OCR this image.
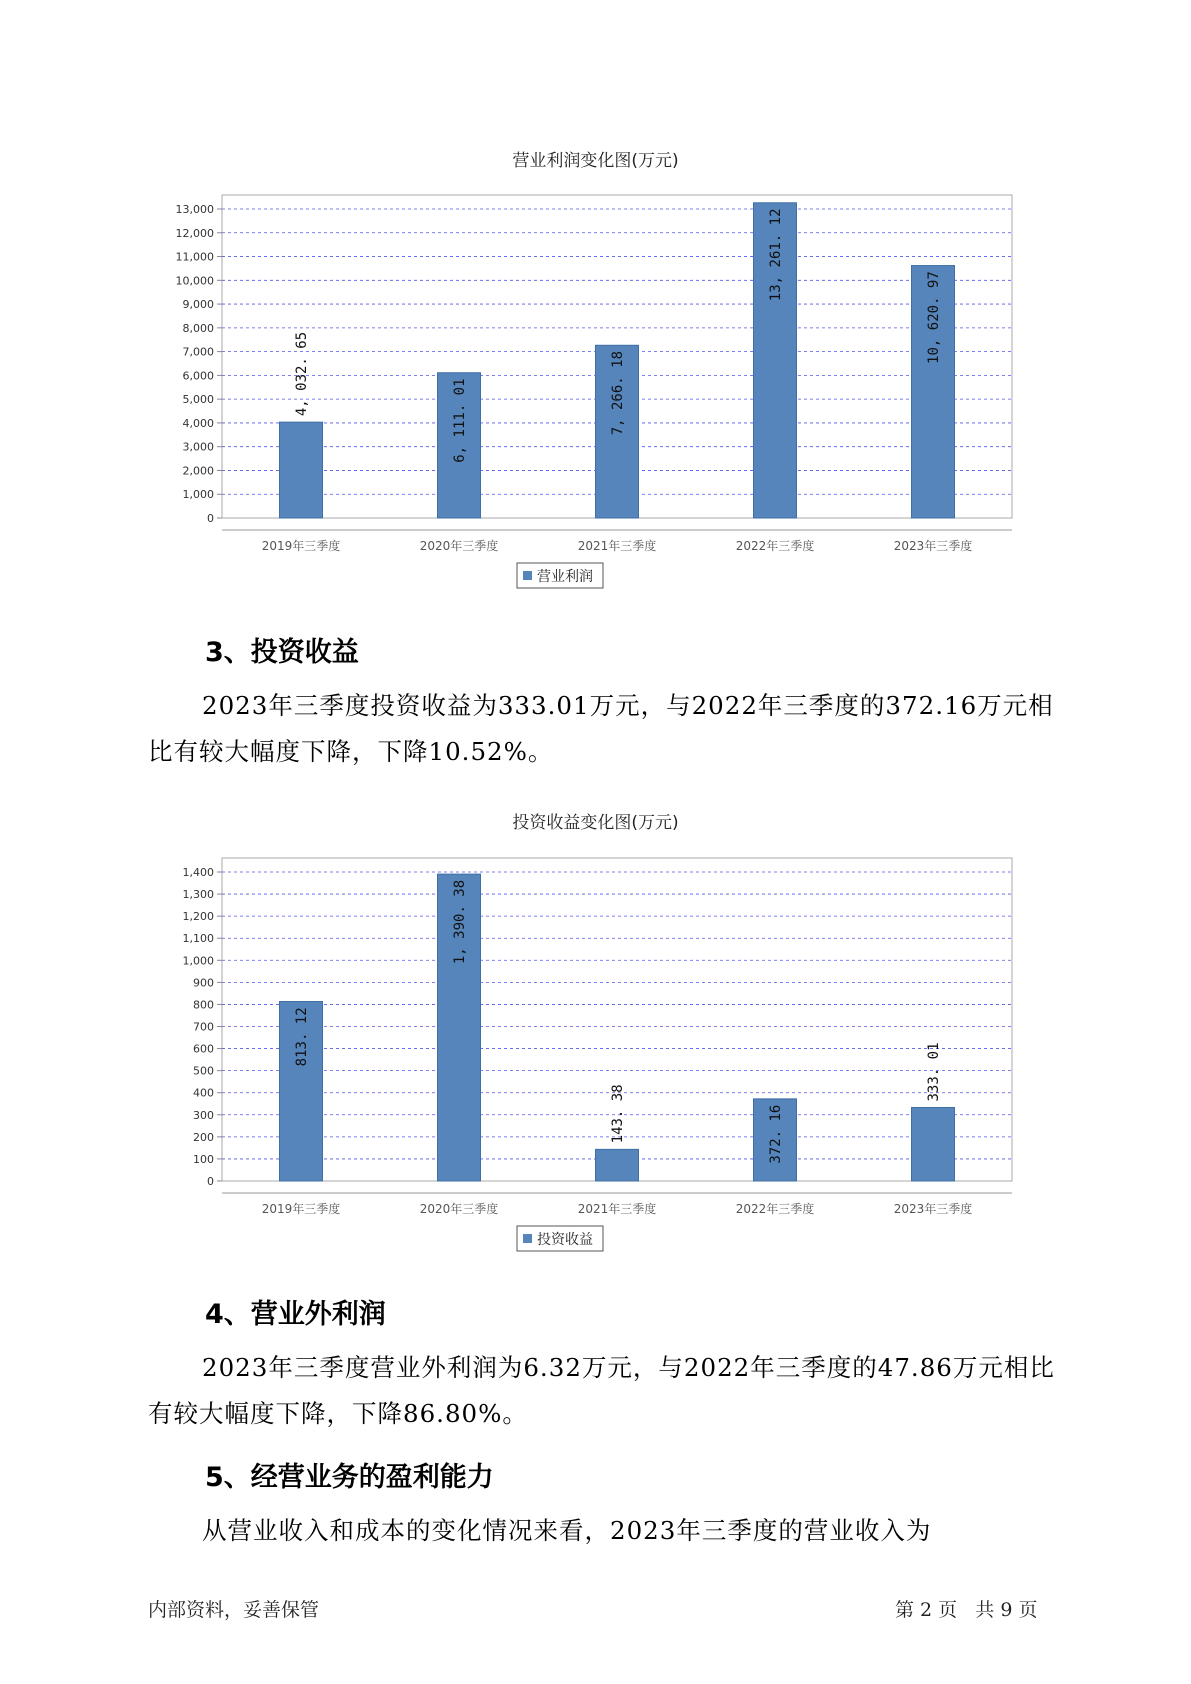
营业利润变化图(万元)
0
1,000
2,000
3,000
4,000
5,000
6,000
7,000
8,000
9,000
10,000
11,000
12,000
13,000
4, 032. 65
2019年三季度
6, 111. 01
2020年三季度
7, 266. 18
2021年三季度
13, 261. 12
2022年三季度
10, 620. 97
2023年三季度
营业利润
3、投资收益

2023年三季度投资收益为333.01万元，与2022年三季度的372.16万元相比有较大幅度下降，下降10.52%。

投资收益变化图(万元)
0
100
200
300
400
500
600
700
800
900
1,000
1,100
1,200
1,300
1,400
813. 12
2019年三季度
1, 390. 38
2020年三季度
143. 38
2021年三季度
372. 16
2022年三季度
333. 01
2023年三季度
投资收益
4、营业外利润

2023年三季度营业外利润为6.32万元，与2022年三季度的47.86万元相比有较大幅度下降，下降86.80%。

5、经营业务的盈利能力

从营业收入和成本的变化情况来看，2023年三季度的营业收入为

内部资料，妥善保管	第 2 页   共 9 页
